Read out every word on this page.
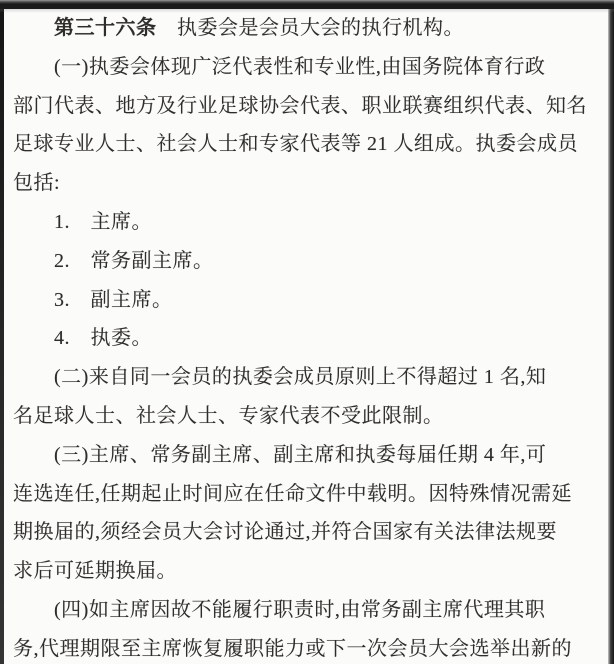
第三十六条　执委会是会员大会的执行机构。
(一)执委会体现广泛代表性和专业性,由国务院体育行政
部门代表、地方及行业足球协会代表、职业联赛组织代表、知名
足球专业人士、社会人士和专家代表等 21 人组成。执委会成员
包括:
1.　主席。
2.　常务副主席。
3.　副主席。
4.　执委。
(二)来自同一会员的执委会成员原则上不得超过 1 名,知
名足球人士、社会人士、专家代表不受此限制。
(三)主席、常务副主席、副主席和执委每届任期 4 年,可
连选连任,任期起止时间应在任命文件中载明。因特殊情况需延
期换届的,须经会员大会讨论通过,并符合国家有关法律法规要
求后可延期换届。
(四)如主席因故不能履行职责时,由常务副主席代理其职
务,代理期限至主席恢复履职能力或下一次会员大会选举出新的
